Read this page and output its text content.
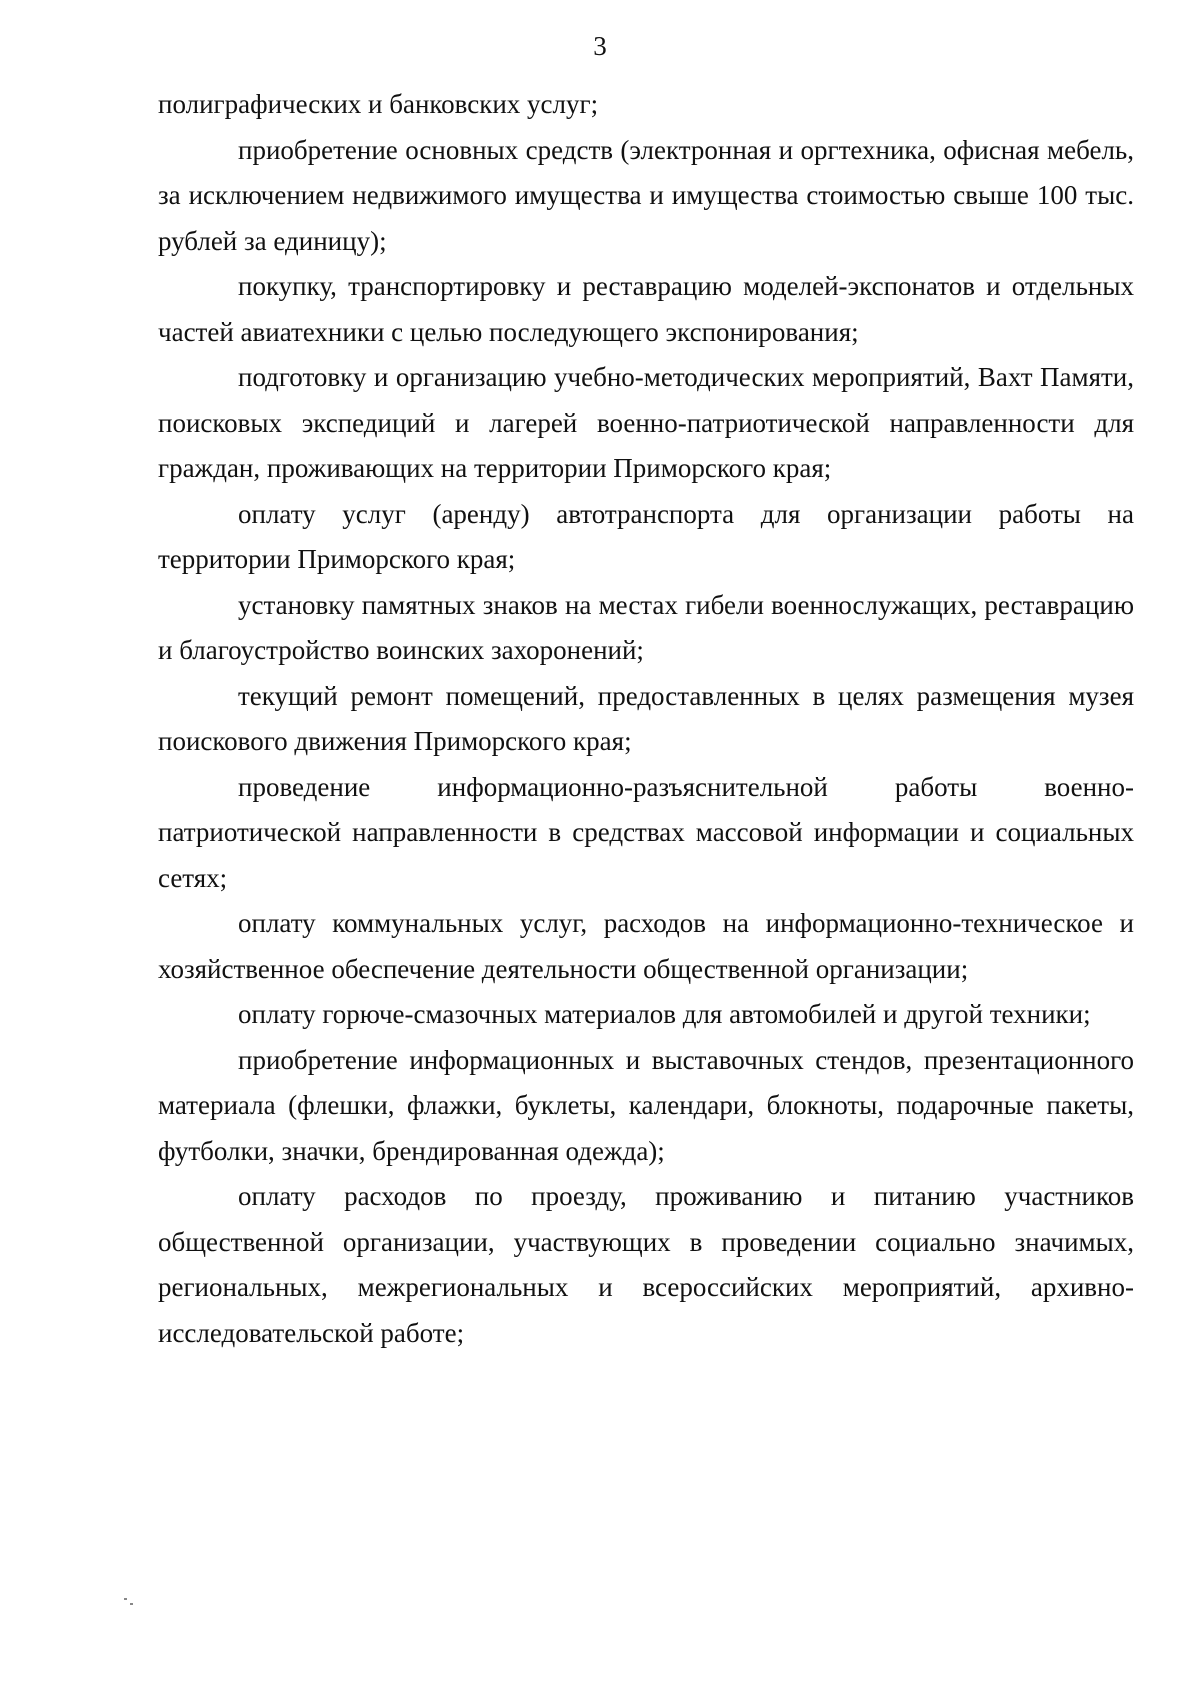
3

полиграфических и банковских услуг;

приобретение основных средств (электронная и оргтехника, офисная мебель, за исключением недвижимого имущества и имущества стоимостью свыше 100 тыс. рублей за единицу);

покупку, транспортировку и реставрацию моделей-экспонатов и отдельных частей авиатехники с целью последующего экспонирования;

подготовку и организацию учебно-методических мероприятий, Вахт Памяти, поисковых экспедиций и лагерей военно-патриотической направленности для граждан, проживающих на территории Приморского края;

оплату услуг (аренду) автотранспорта для организации работы на территории Приморского края;

установку памятных знаков на местах гибели военнослужащих, реставрацию и благоустройство воинских захоронений;

текущий ремонт помещений, предоставленных в целях размещения музея поискового движения Приморского края;

проведение информационно-разъяснительной работы военно-патриотической направленности в средствах массовой информации и социальных сетях;

оплату коммунальных услуг, расходов на информационно-техническое и хозяйственное обеспечение деятельности общественной организации;

оплату горюче-смазочных материалов для автомобилей и другой техники;

приобретение информационных и выставочных стендов, презентационного материала (флешки, флажки, буклеты, календари, блокноты, подарочные пакеты, футболки, значки, брендированная одежда);

оплату расходов по проезду, проживанию и питанию участников общественной организации, участвующих в проведении социально значимых, региональных, межрегиональных и всероссийских мероприятий, архивно-исследовательской работе;
